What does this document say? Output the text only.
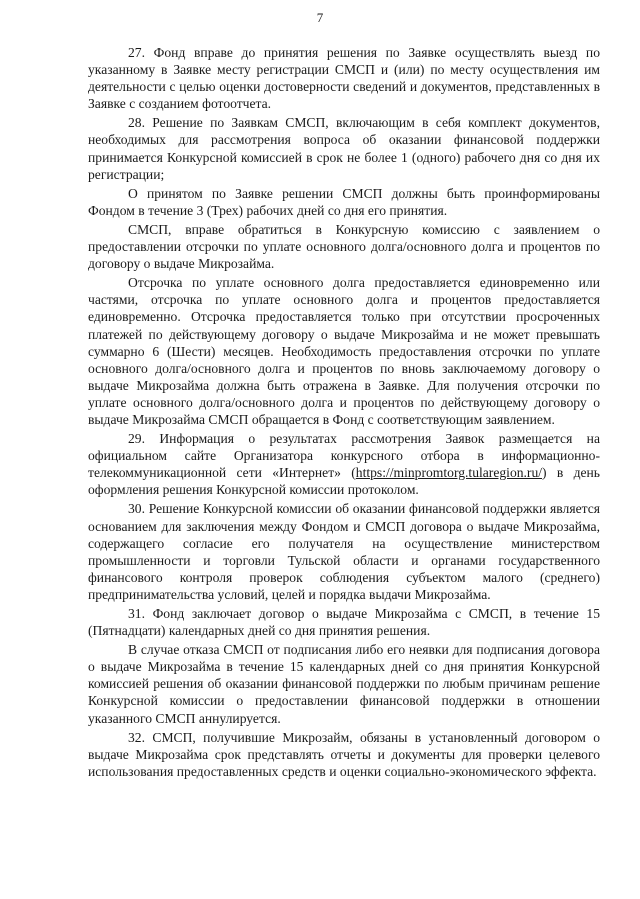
7

27. Фонд вправе до принятия решения по Заявке осуществлять выезд по указанному в Заявке месту регистрации СМСП и (или) по месту осуществления им деятельности с целью оценки достоверности сведений и документов, представленных в Заявке с созданием фотоотчета.

28. Решение по Заявкам СМСП, включающим в себя комплект документов, необходимых для рассмотрения вопроса об оказании финансовой поддержки принимается Конкурсной комиссией в срок не более 1 (одного) рабочего дня со дня их регистрации;

О принятом по Заявке решении СМСП должны быть проинформированы Фондом в течение 3 (Трех) рабочих дней со дня его принятия.

СМСП, вправе обратиться в Конкурсную комиссию с заявлением о предоставлении отсрочки по уплате основного долга/основного долга и процентов по договору о выдаче Микрозайма.

Отсрочка по уплате основного долга предоставляется единовременно или частями, отсрочка по уплате основного долга и процентов предоставляется единовременно. Отсрочка предоставляется только при отсутствии просроченных платежей по действующему договору о выдаче Микрозайма и не может превышать суммарно 6 (Шести) месяцев. Необходимость предоставления отсрочки по уплате основного долга/основного долга и процентов по вновь заключаемому договору о выдаче Микрозайма должна быть отражена в Заявке. Для получения отсрочки по уплате основного долга/основного долга и процентов по действующему договору о выдаче Микрозайма СМСП обращается в Фонд с соответствующим заявлением.

29. Информация о результатах рассмотрения Заявок размещается на официальном сайте Организатора конкурсного отбора в информационно-телекоммуникационной сети «Интернет» (https://minpromtorg.tularegion.ru/) в день оформления решения Конкурсной комиссии протоколом.

30. Решение Конкурсной комиссии об оказании финансовой поддержки является основанием для заключения между Фондом и СМСП договора о выдаче Микрозайма, содержащего согласие его получателя на осуществление министерством промышленности и торговли Тульской области и органами государственного финансового контроля проверок соблюдения субъектом малого (среднего) предпринимательства условий, целей и порядка выдачи Микрозайма.

31. Фонд заключает договор о выдаче Микрозайма с СМСП, в течение 15 (Пятнадцати) календарных дней со дня принятия решения.

В случае отказа СМСП от подписания либо его неявки для подписания договора о выдаче Микрозайма в течение 15 календарных дней со дня принятия Конкурсной комиссией решения об оказании финансовой поддержки по любым причинам решение Конкурсной комиссии о предоставлении финансовой поддержки в отношении указанного СМСП аннулируется.

32. СМСП, получившие Микрозайм, обязаны в установленный договором о выдаче Микрозайма срок представлять отчеты и документы для проверки целевого использования предоставленных средств и оценки социально-экономического эффекта.
